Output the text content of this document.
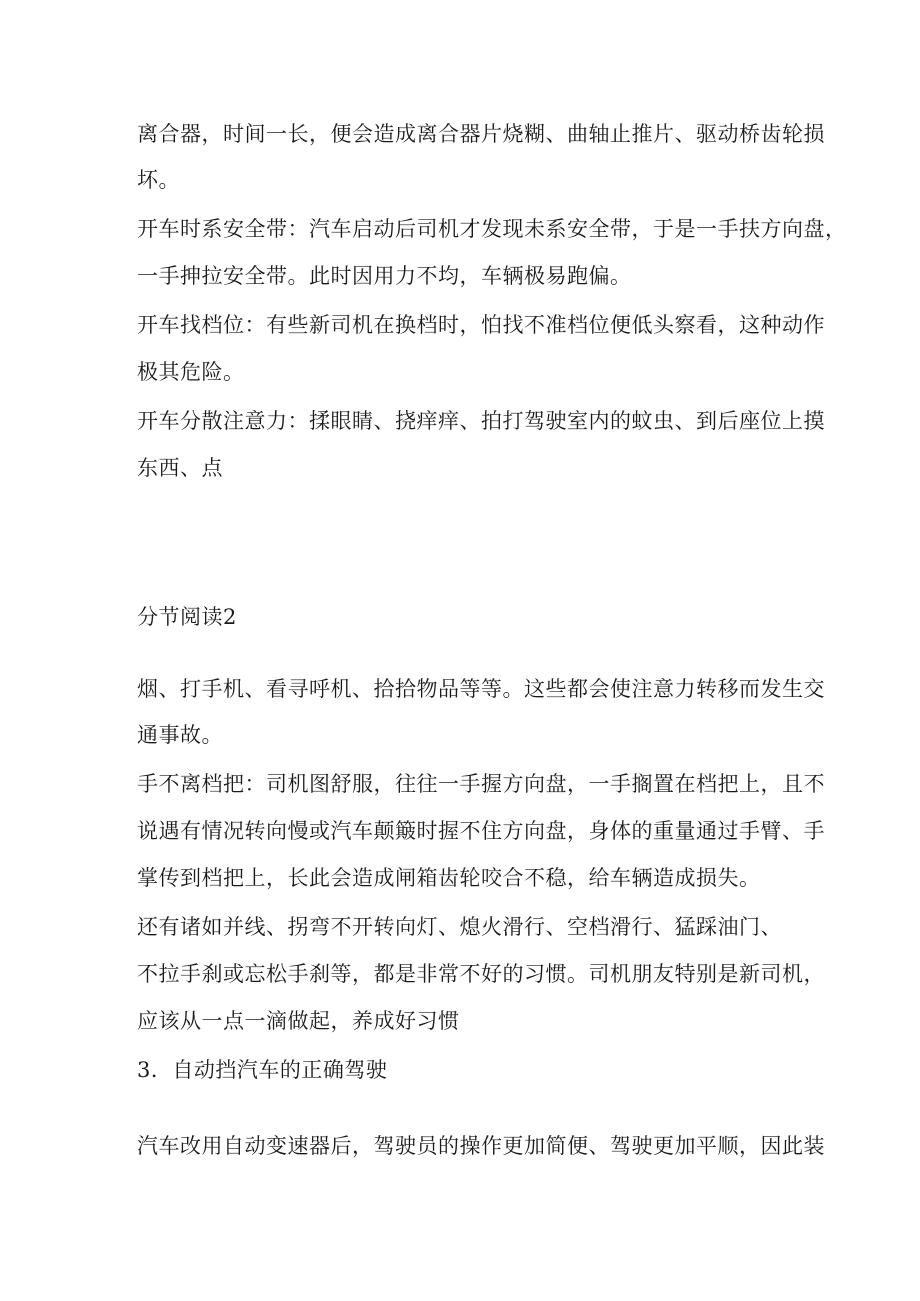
离合器，时间一长，便会造成离合器片烧糊、曲轴止推片、驱动桥齿轮损
坏。
开车时系安全带：汽车启动后司机才发现未系安全带，于是一手扶方向盘，
一手抻拉安全带。此时因用力不均，车辆极易跑偏。
开车找档位：有些新司机在换档时，怕找不准档位便低头察看，这种动作
极其危险。
开车分散注意力：揉眼睛、挠痒痒、拍打驾驶室内的蚊虫、到后座位上摸
东西、点
分节阅读2
烟、打手机、看寻呼机、拾拾物品等等。这些都会使注意力转移而发生交
通事故。
手不离档把：司机图舒服，往往一手握方向盘，一手搁置在档把上，且不
说遇有情况转向慢或汽车颠簸时握不住方向盘，身体的重量通过手臂、手
掌传到档把上，长此会造成闸箱齿轮咬合不稳，给车辆造成损失。
还有诸如并线、拐弯不开转向灯、熄火滑行、空档滑行、猛踩油门、
不拉手刹或忘松手刹等，都是非常不好的习惯。司机朋友特别是新司机，
应该从一点一滴做起，养成好习惯
3．自动挡汽车的正确驾驶
汽车改用自动变速器后，驾驶员的操作更加简便、驾驶更加平顺，因此装
